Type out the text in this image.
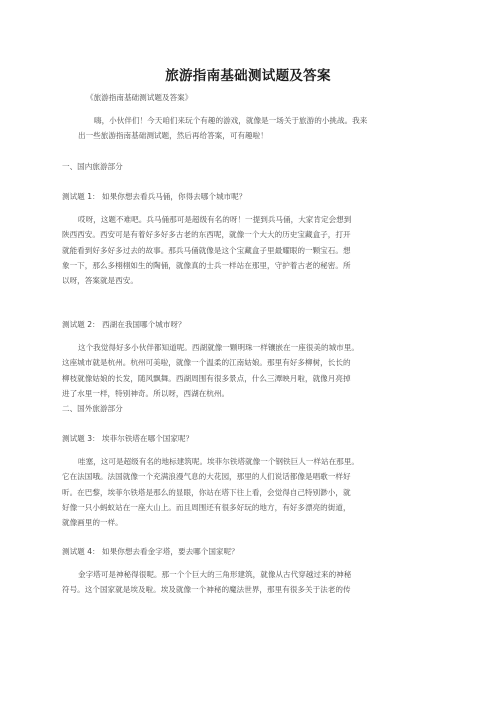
旅游指南基础测试题及答案
《旅游指南基础测试题及答案》
嗨，小伙伴们！今天咱们来玩个有趣的游戏，就像是一场关于旅游的小挑战。我来
出一些旅游指南基础测试题，然后再给答案，可有趣啦！
一、国内旅游部分
测试题 1： 如果你想去看兵马俑，你得去哪个城市呢？
哎呀，这题不难吧。兵马俑那可是超级有名的呀！一提到兵马俑，大家肯定会想到
陕西西安。西安可是有着好多好多古老的东西呢，就像一个大大的历史宝藏盒子，打开
就能看到好多好多过去的故事。那兵马俑就像是这个宝藏盒子里最耀眼的一颗宝石。想
象一下，那么多栩栩如生的陶俑，就像真的士兵一样站在那里，守护着古老的秘密。所
以呀，答案就是西安。
测试题 2： 西湖在我国哪个城市呀？
这个我觉得好多小伙伴都知道呢。西湖就像一颗明珠一样镶嵌在一座很美的城市里。
这座城市就是杭州。杭州可美啦，就像一个温柔的江南姑娘。那里有好多柳树，长长的
柳枝就像姑娘的长发，随风飘舞。西湖周围有很多景点，什么三潭映月啦，就像月亮掉
进了水里一样，特别神奇。所以呀，西湖在杭州。
二、国外旅游部分
测试题 3： 埃菲尔铁塔在哪个国家呢？
哇塞，这可是超级有名的地标建筑呢。埃菲尔铁塔就像一个钢铁巨人一样站在那里。
它在法国哦。法国就像一个充满浪漫气息的大花园，那里的人们说话都像是唱歌一样好
听。在巴黎，埃菲尔铁塔是那么的显眼，你站在塔下往上看，会觉得自己特别渺小，就
好像一只小蚂蚁站在一座大山上。而且周围还有很多好玩的地方，有好多漂亮的街道，
就像画里的一样。
测试题 4： 如果你想去看金字塔，要去哪个国家呢？
金字塔可是神秘得很呢。那一个个巨大的三角形建筑，就像从古代穿越过来的神秘
符号。这个国家就是埃及啦。埃及就像一个神秘的魔法世界，那里有很多关于法老的传
